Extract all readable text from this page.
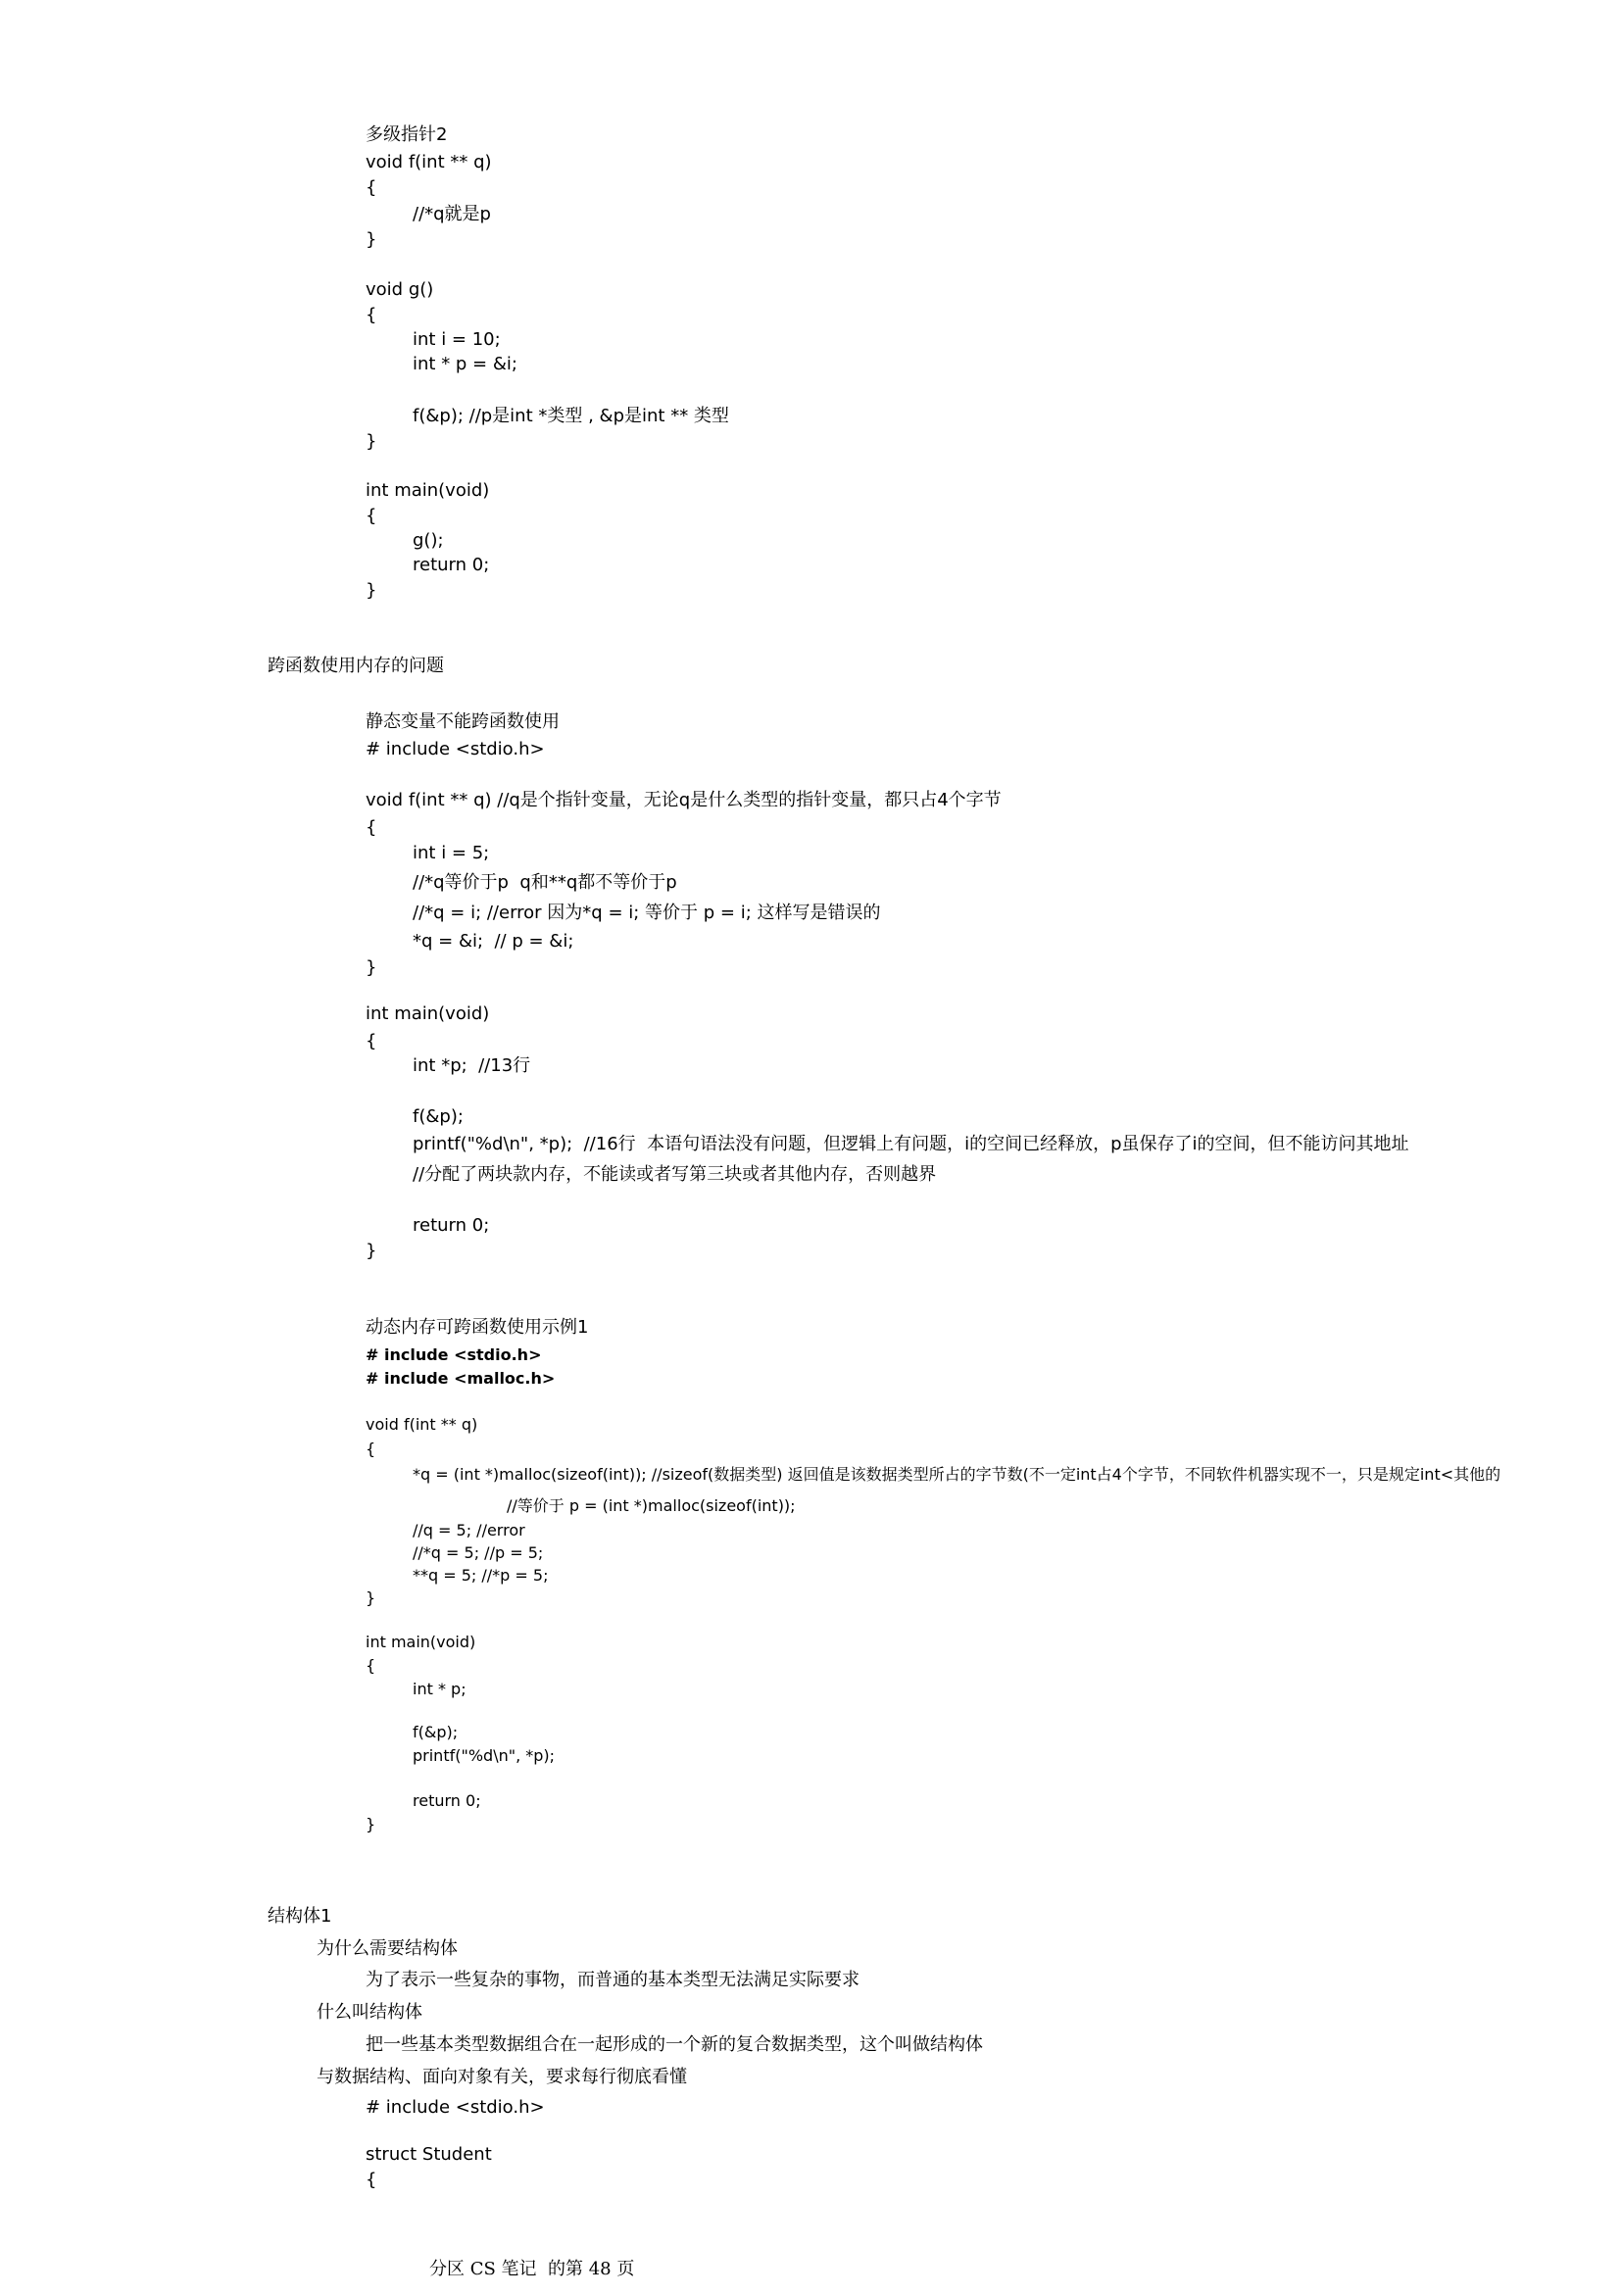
多级指针2
void f(int ** q)
{
//*q就是p
}
void g()
{
int i = 10;
int * p = &i;
f(&p); //p是int *类型 , &p是int ** 类型
}
int main(void)
{
g();
return 0;
}
跨函数使用内存的问题
静态变量不能跨函数使用
# include <stdio.h>
void f(int ** q) //q是个指针变量，无论q是什么类型的指针变量，都只占4个字节
{
int i = 5;
//*q等价于p  q和**q都不等价于p
//*q = i; //error 因为*q = i; 等价于 p = i; 这样写是错误的
*q = &i;  // p = &i;
}
int main(void)
{
int *p;  //13行
f(&p);
printf("%d\n", *p);  //16行  本语句语法没有问题，但逻辑上有问题，i的空间已经释放，p虽保存了i的空间，但不能访问其地址
//分配了两块款内存，不能读或者写第三块或者其他内存，否则越界
return 0;
}
动态内存可跨函数使用示例1
# include <stdio.h>
# include <malloc.h>
void f(int ** q)
{
*q = (int *)malloc(sizeof(int)); //sizeof(数据类型) 返回值是该数据类型所占的字节数(不一定int占4个字节，不同软件机器实现不一，只是规定int<其他的
//等价于 p = (int *)malloc(sizeof(int));
//q = 5; //error
//*q = 5; //p = 5;
**q = 5; //*p = 5;
}
int main(void)
{
int * p;
f(&p);
printf("%d\n", *p);
return 0;
}
结构体1
为什么需要结构体
为了表示一些复杂的事物，而普通的基本类型无法满足实际要求
什么叫结构体
把一些基本类型数据组合在一起形成的一个新的复合数据类型，这个叫做结构体
与数据结构、面向对象有关，要求每行彻底看懂
# include <stdio.h>
struct Student
{
分区 CS 笔记  的第 48 页
